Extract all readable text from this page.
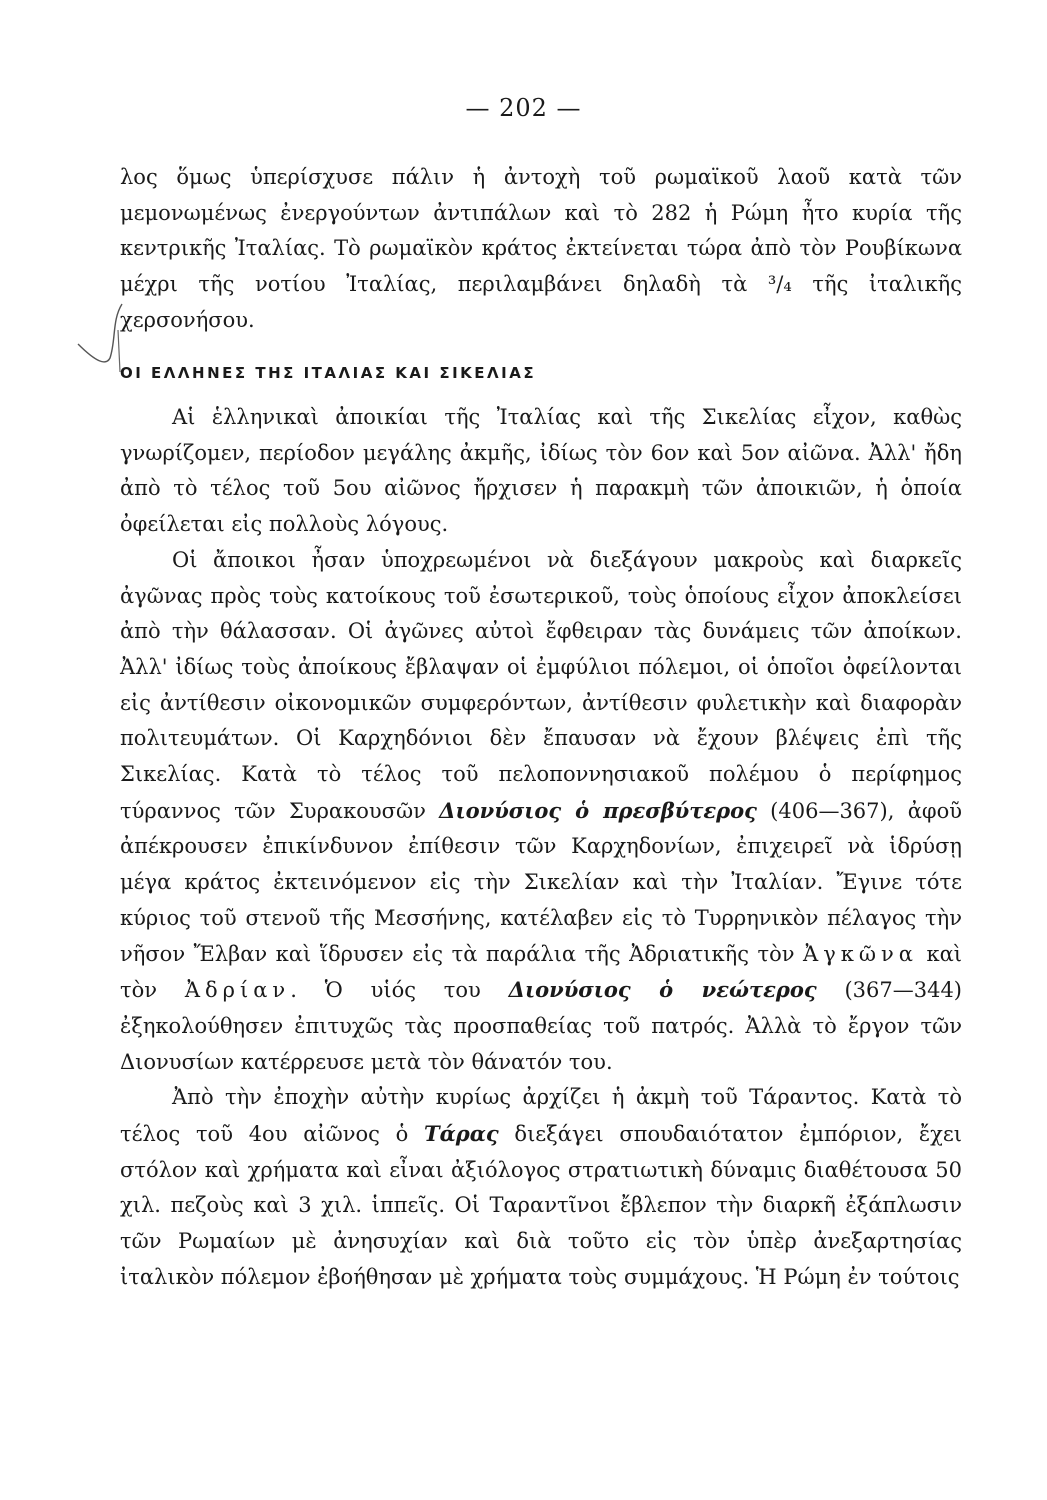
— 202 —

λος ὅμως ὑπερίσχυσε πάλιν ἡ ἀντοχὴ τοῦ ρωμαϊκοῦ λαοῦ κατὰ τῶν μεμονωμένως ἐνεργούντων ἀντιπάλων καὶ τὸ 282 ἡ Ρώμη ἦτο κυρία τῆς κεντρικῆς Ἰταλίας. Τὸ ρωμαϊκὸν κράτος ἐκτείνεται τώρα ἀπὸ τὸν Ρουβίκωνα μέχρι τῆς νοτίου Ἰταλίας, περιλαμβάνει δηλαδὴ τὰ ³/₄ τῆς ἰταλικῆς χερσονήσου.

ΟΙ ΕΛΛΗΝΕΣ ΤΗΣ ΙΤΑΛΙΑΣ ΚΑΙ ΣΙΚΕΛΙΑΣ

Αἱ ἑλληνικαὶ ἀποικίαι τῆς Ἰταλίας καὶ τῆς Σικελίας εἶχον, καθὼς γνωρίζομεν, περίοδον μεγάλης ἀκμῆς, ἰδίως τὸν 6ον καὶ 5ον αἰῶνα. Ἀλλ' ἤδη ἀπὸ τὸ τέλος τοῦ 5ου αἰῶνος ἤρχισεν ἡ παρακμὴ τῶν ἀποικιῶν, ἡ ὁποία ὀφείλεται εἰς πολλοὺς λόγους.

Οἱ ἄποικοι ἦσαν ὑποχρεωμένοι νὰ διεξάγουν μακροὺς καὶ διαρκεῖς ἀγῶνας πρὸς τοὺς κατοίκους τοῦ ἐσωτερικοῦ, τοὺς ὁποίους εἶχον ἀποκλείσει ἀπὸ τὴν θάλασσαν. Οἱ ἀγῶνες αὐτοὶ ἔφθειραν τὰς δυνάμεις τῶν ἀποίκων. Ἀλλ' ἰδίως τοὺς ἀποίκους ἔβλαψαν οἱ ἐμφύλιοι πόλεμοι, οἱ ὁποῖοι ὀφείλονται εἰς ἀντίθεσιν οἰκονομικῶν συμφερόντων, ἀντίθεσιν φυλετικὴν καὶ διαφορὰν πολιτευμάτων. Οἱ Καρχηδόνιοι δὲν ἔπαυσαν νὰ ἔχουν βλέψεις ἐπὶ τῆς Σικελίας. Κατὰ τὸ τέλος τοῦ πελοποννησιακοῦ πολέμου ὁ περίφημος τύραννος τῶν Συρακουσῶν Διονύσιος ὁ πρεσβύτερος (406—367), ἀφοῦ ἀπέκρουσεν ἐπικίνδυνον ἐπίθεσιν τῶν Καρχηδονίων, ἐπιχειρεῖ νὰ ἱδρύσῃ μέγα κράτος ἐκτεινόμενον εἰς τὴν Σικελίαν καὶ τὴν Ἰταλίαν. Ἔγινε τότε κύριος τοῦ στενοῦ τῆς Μεσσήνης, κατέλαβεν εἰς τὸ Τυρρηνικὸν πέλαγος τὴν νῆσον Ἔλβαν καὶ ἵδρυσεν εἰς τὰ παράλια τῆς Ἀδριατικῆς τὸν Ἀγκῶνα καὶ τὸν Ἀδρίαν. Ὁ υἱός του Διονύσιος ὁ νεώτερος (367—344) ἐξηκολούθησεν ἐπιτυχῶς τὰς προσπαθείας τοῦ πατρός. Ἀλλὰ τὸ ἔργον τῶν Διονυσίων κατέρρευσε μετὰ τὸν θάνατόν του.

Ἀπὸ τὴν ἐποχὴν αὐτὴν κυρίως ἀρχίζει ἡ ἀκμὴ τοῦ Τάραντος. Κατὰ τὸ τέλος τοῦ 4ου αἰῶνος ὁ Τάρας διεξάγει σπουδαιότατον ἐμπόριον, ἔχει στόλον καὶ χρήματα καὶ εἶναι ἀξιόλογος στρατιωτικὴ δύναμις διαθέτουσα 50 χιλ. πεζοὺς καὶ 3 χιλ. ἱππεῖς. Οἱ Ταραντῖνοι ἔβλεπον τὴν διαρκῆ ἐξάπλωσιν τῶν Ρωμαίων μὲ ἀνησυχίαν καὶ διὰ τοῦτο εἰς τὸν ὑπὲρ ἀνεξαρτησίας ἰταλικὸν πόλεμον ἐβοήθησαν μὲ χρήματα τοὺς συμμάχους. Ἡ Ρώμη ἐν τούτοις
